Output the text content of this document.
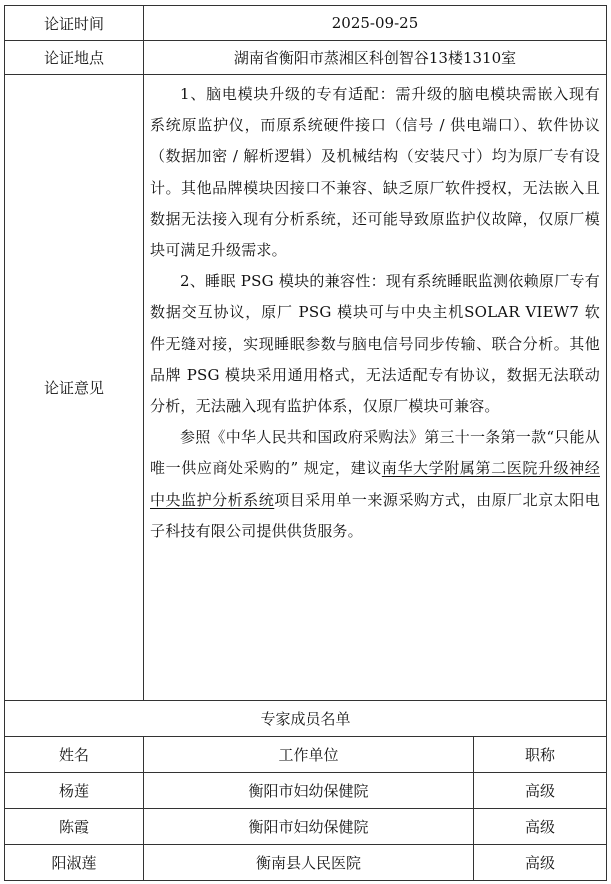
论证时间	2025-09-25
论证地点	湖南省衡阳市蒸湘区科创智谷13楼1310室
论证意见

1、脑电模块升级的专有适配：需升级的脑电模块需嵌入现有系统原监护仪，而原系统硬件接口（信号 / 供电端口）、软件协议（数据加密 / 解析逻辑）及机械结构（安装尺寸）均为原厂专有设计。其他品牌模块因接口不兼容、缺乏原厂软件授权，无法嵌入且数据无法接入现有分析系统，还可能导致原监护仪故障，仅原厂模块可满足升级需求。

2、睡眠 PSG 模块的兼容性：现有系统睡眠监测依赖原厂专有数据交互协议，原厂 PSG 模块可与中央主机SOLAR VIEW7 软件无缝对接，实现睡眠参数与脑电信号同步传输、联合分析。其他品牌 PSG 模块采用通用格式，无法适配专有协议，数据无法联动分析，无法融入现有监护体系，仅原厂模块可兼容。

参照《中华人民共和国政府采购法》第三十一条第一款“只能从唯一供应商处采购的” 规定，建议南华大学附属第二医院升级神经中央监护分析系统项目采用单一来源采购方式，由原厂北京太阳电子科技有限公司提供供货服务。

专家成员名单
姓名	工作单位	职称
杨莲	衡阳市妇幼保健院	高级
陈霞	衡阳市妇幼保健院	高级
阳淑莲	衡南县人民医院	高级
